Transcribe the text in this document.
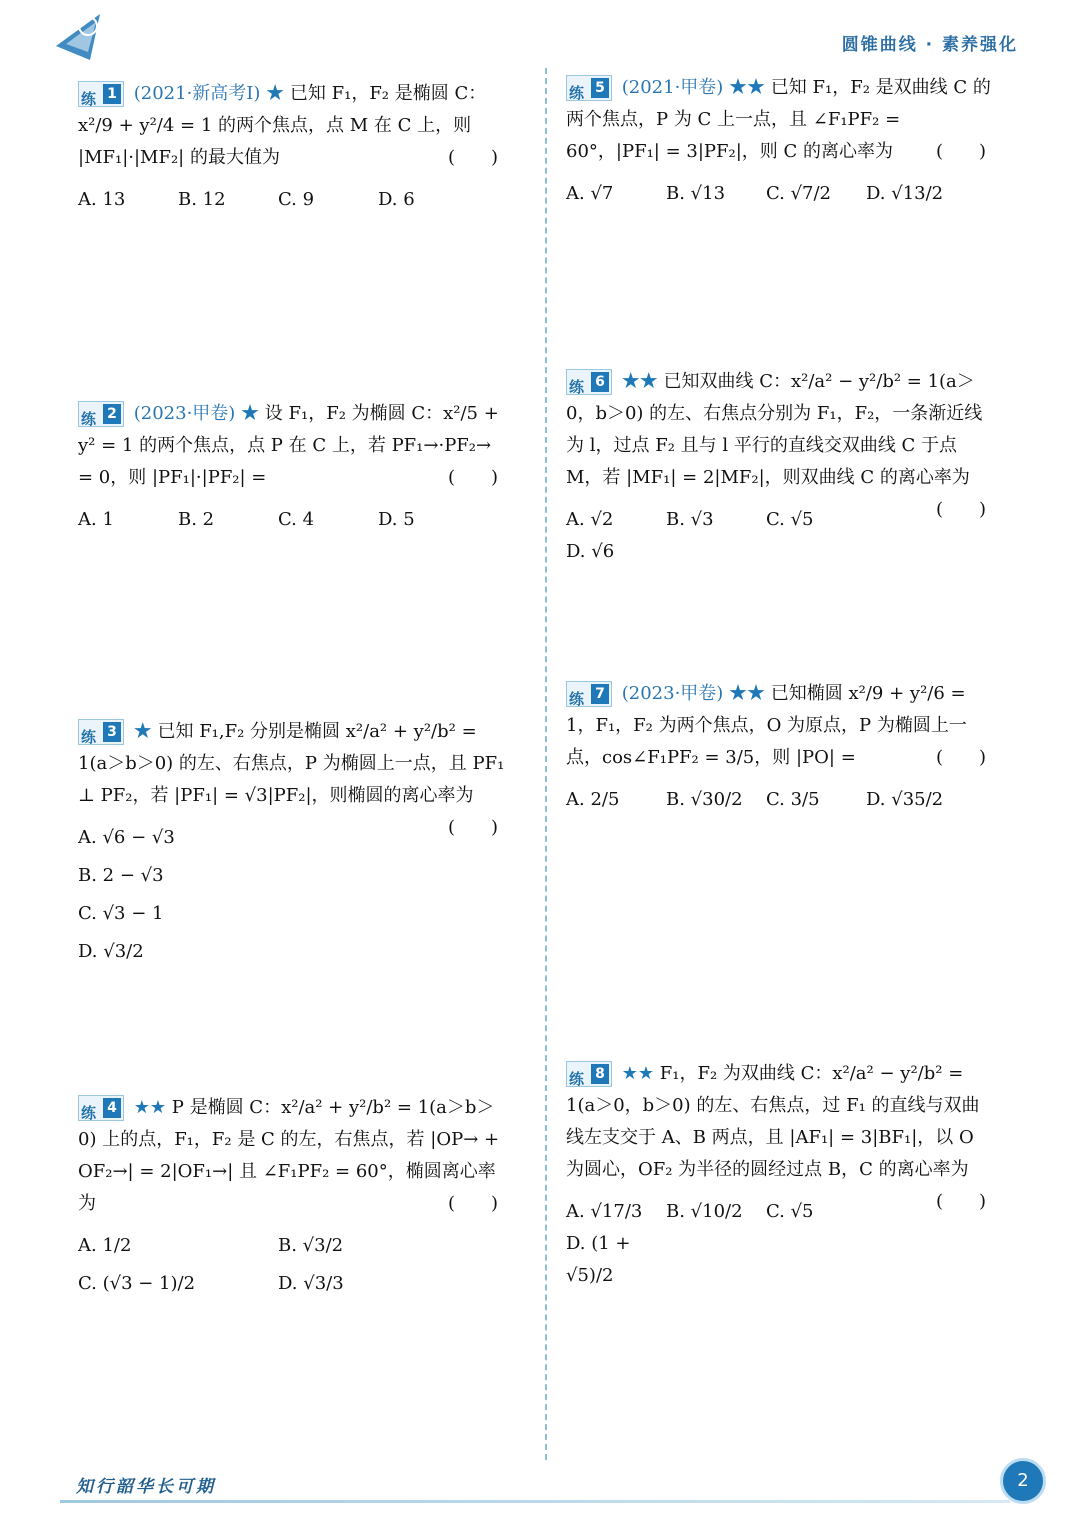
圆锥曲线 · 素养强化
练 1 (2021·新高考Ⅰ) ★ 已知 F₁，F₂ 是椭圆 C：x²/9 + y²/4 = 1 的两个焦点，点 M 在 C 上，则 |MF₁|·|MF₂| 的最大值为	(　　)
A. 13	B. 12	C. 9	D. 6
练 2 (2023·甲卷) ★ 设 F₁，F₂ 为椭圆 C：x²/5 + y² = 1 的两个焦点，点 P 在 C 上，若 PF₁→·PF₂→ = 0，则 |PF₁|·|PF₂| =	(　　)
A. 1	B. 2	C. 4	D. 5
练 3 ★ 已知 F₁,F₂ 分别是椭圆 x²/a² + y²/b² = 1(a＞b＞0) 的左、右焦点，P 为椭圆上一点，且 PF₁ ⊥ PF₂，若 |PF₁| = √3|PF₂|，则椭圆的离心率为
(　　)
A. √6 − √3
B. 2 − √3
C. √3 − 1
D. √3/2
练 4 ★★ P 是椭圆 C：x²/a² + y²/b² = 1(a＞b＞0) 上的点，F₁，F₂ 是 C 的左，右焦点，若 |OP→ + OF₂→| = 2|OF₁→| 且 ∠F₁PF₂ = 60°，椭圆离心率为	(　　)
A. 1/2	B. √3/2
C. (√3 − 1)/2	D. √3/3
练 5 (2021·甲卷) ★★ 已知 F₁，F₂ 是双曲线 C 的两个焦点，P 为 C 上一点，且 ∠F₁PF₂ = 60°，|PF₁| = 3|PF₂|，则 C 的离心率为 (　　)
A. √7	B. √13	C. √7/2	D. √13/2
练 6 ★★ 已知双曲线 C：x²/a² − y²/b² = 1(a＞0，b＞0) 的左、右焦点分别为 F₁，F₂，一条渐近线为 l，过点 F₂ 且与 l 平行的直线交双曲线 C 于点 M，若 |MF₁| = 2|MF₂|，则双曲线 C 的离心率为
(　　)
A. √2	B. √3	C. √5
D. √6
练 7 (2023·甲卷) ★★ 已知椭圆 x²/9 + y²/6 = 1，F₁，F₂ 为两个焦点，O 为原点，P 为椭圆上一点，cos∠F₁PF₂ = 3/5，则 |PO| =	(　　)
A. 2/5	B. √30/2	C. 3/5	D. √35/2
练 8 ★★ F₁，F₂ 为双曲线 C：x²/a² − y²/b² = 1(a＞0，b＞0) 的左、右焦点，过 F₁ 的直线与双曲线左支交于 A、B 两点，且 |AF₁| = 3|BF₁|，以 O 为圆心，OF₂ 为半径的圆经过点 B，C 的离心率为
(　　)
A. √17/3	B. √10/2	C. √5
D. (1 + √5)/2
知行韶华长可期	2
